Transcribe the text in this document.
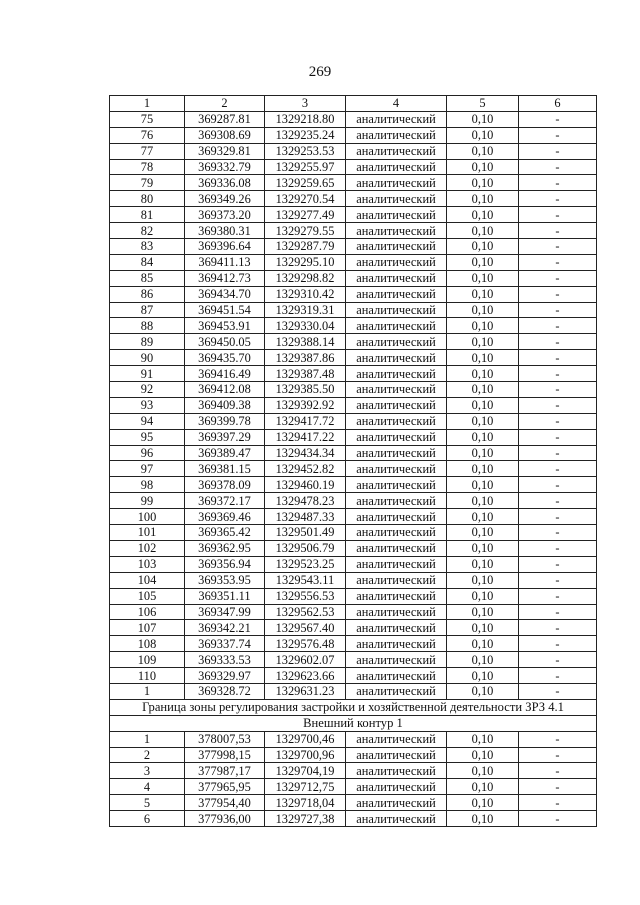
269
1	2	3	4	5	6
75	369287.81	1329218.80	аналитический	0,10	-
76	369308.69	1329235.24	аналитический	0,10	-
77	369329.81	1329253.53	аналитический	0,10	-
78	369332.79	1329255.97	аналитический	0,10	-
79	369336.08	1329259.65	аналитический	0,10	-
80	369349.26	1329270.54	аналитический	0,10	-
81	369373.20	1329277.49	аналитический	0,10	-
82	369380.31	1329279.55	аналитический	0,10	-
83	369396.64	1329287.79	аналитический	0,10	-
84	369411.13	1329295.10	аналитический	0,10	-
85	369412.73	1329298.82	аналитический	0,10	-
86	369434.70	1329310.42	аналитический	0,10	-
87	369451.54	1329319.31	аналитический	0,10	-
88	369453.91	1329330.04	аналитический	0,10	-
89	369450.05	1329388.14	аналитический	0,10	-
90	369435.70	1329387.86	аналитический	0,10	-
91	369416.49	1329387.48	аналитический	0,10	-
92	369412.08	1329385.50	аналитический	0,10	-
93	369409.38	1329392.92	аналитический	0,10	-
94	369399.78	1329417.72	аналитический	0,10	-
95	369397.29	1329417.22	аналитический	0,10	-
96	369389.47	1329434.34	аналитический	0,10	-
97	369381.15	1329452.82	аналитический	0,10	-
98	369378.09	1329460.19	аналитический	0,10	-
99	369372.17	1329478.23	аналитический	0,10	-
100	369369.46	1329487.33	аналитический	0,10	-
101	369365.42	1329501.49	аналитический	0,10	-
102	369362.95	1329506.79	аналитический	0,10	-
103	369356.94	1329523.25	аналитический	0,10	-
104	369353.95	1329543.11	аналитический	0,10	-
105	369351.11	1329556.53	аналитический	0,10	-
106	369347.99	1329562.53	аналитический	0,10	-
107	369342.21	1329567.40	аналитический	0,10	-
108	369337.74	1329576.48	аналитический	0,10	-
109	369333.53	1329602.07	аналитический	0,10	-
110	369329.97	1329623.66	аналитический	0,10	-
1	369328.72	1329631.23	аналитический	0,10	-
Граница зоны регулирования застройки и хозяйственной деятельности ЗРЗ 4.1					
Внешний контур 1					
1	378007,53	1329700,46	аналитический	0,10	-
2	377998,15	1329700,96	аналитический	0,10	-
3	377987,17	1329704,19	аналитический	0,10	-
4	377965,95	1329712,75	аналитический	0,10	-
5	377954,40	1329718,04	аналитический	0,10	-
6	377936,00	1329727,38	аналитический	0,10	-
